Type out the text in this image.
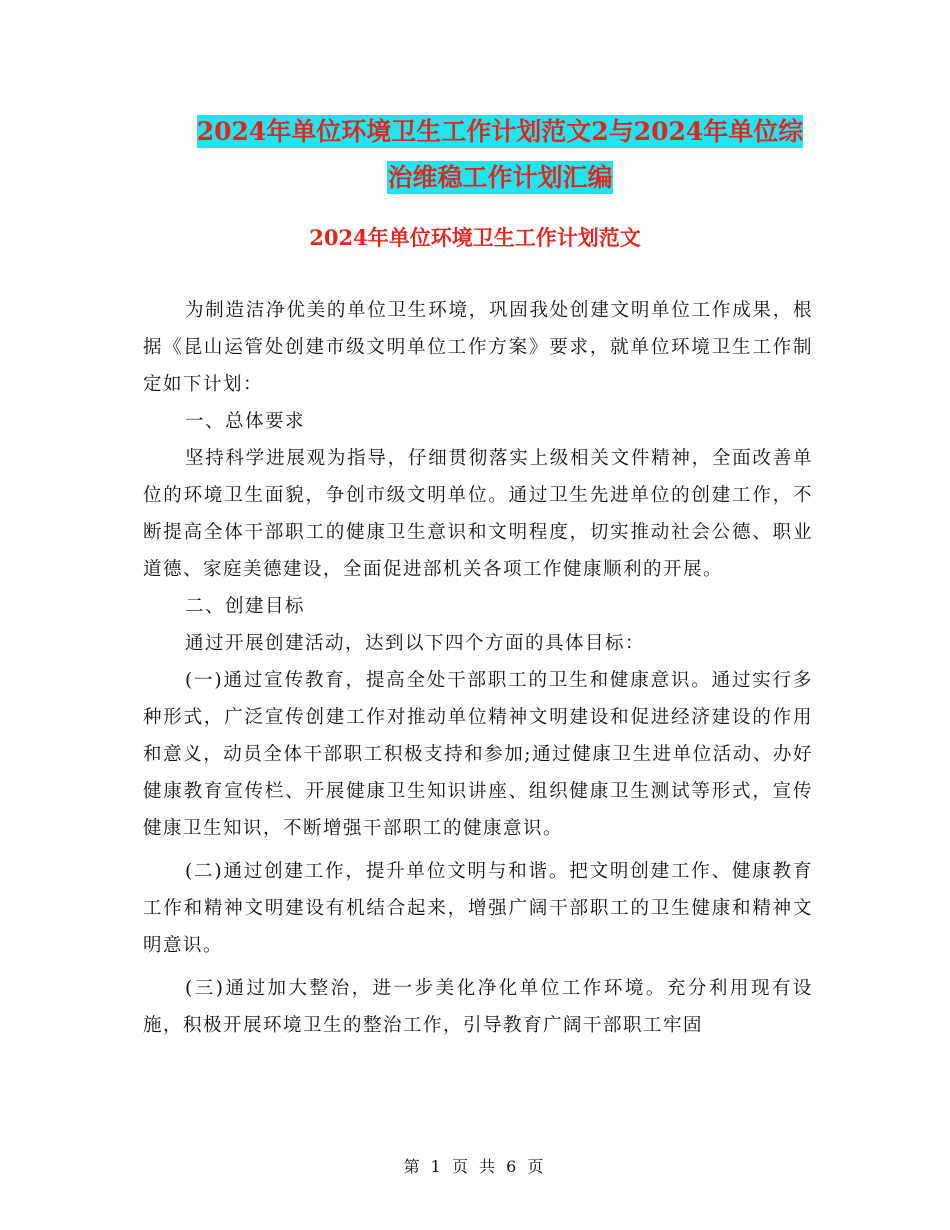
2024年单位环境卫生工作计划范文2与2024年单位综
治维稳工作计划汇编
2024年单位环境卫生工作计划范文

为制造洁净优美的单位卫生环境，巩固我处创建文明单位工作成果，根据《昆山运管处创建市级文明单位工作方案》要求，就单位环境卫生工作制定如下计划：

一、总体要求

坚持科学进展观为指导，仔细贯彻落实上级相关文件精神，全面改善单位的环境卫生面貌，争创市级文明单位。通过卫生先进单位的创建工作，不断提高全体干部职工的健康卫生意识和文明程度，切实推动社会公德、职业道德、家庭美德建设，全面促进部机关各项工作健康顺利的开展。

二、创建目标

通过开展创建活动，达到以下四个方面的具体目标：

(一)通过宣传教育，提高全处干部职工的卫生和健康意识。通过实行多种形式，广泛宣传创建工作对推动单位精神文明建设和促进经济建设的作用和意义，动员全体干部职工积极支持和参加;通过健康卫生进单位活动、办好健康教育宣传栏、开展健康卫生知识讲座、组织健康卫生测试等形式，宣传健康卫生知识，不断增强干部职工的健康意识。

(二)通过创建工作，提升单位文明与和谐。把文明创建工作、健康教育工作和精神文明建设有机结合起来，增强广阔干部职工的卫生健康和精神文明意识。

(三)通过加大整治，进一步美化净化单位工作环境。充分利用现有设施，积极开展环境卫生的整治工作，引导教育广阔干部职工牢固

第 1 页 共 6 页
